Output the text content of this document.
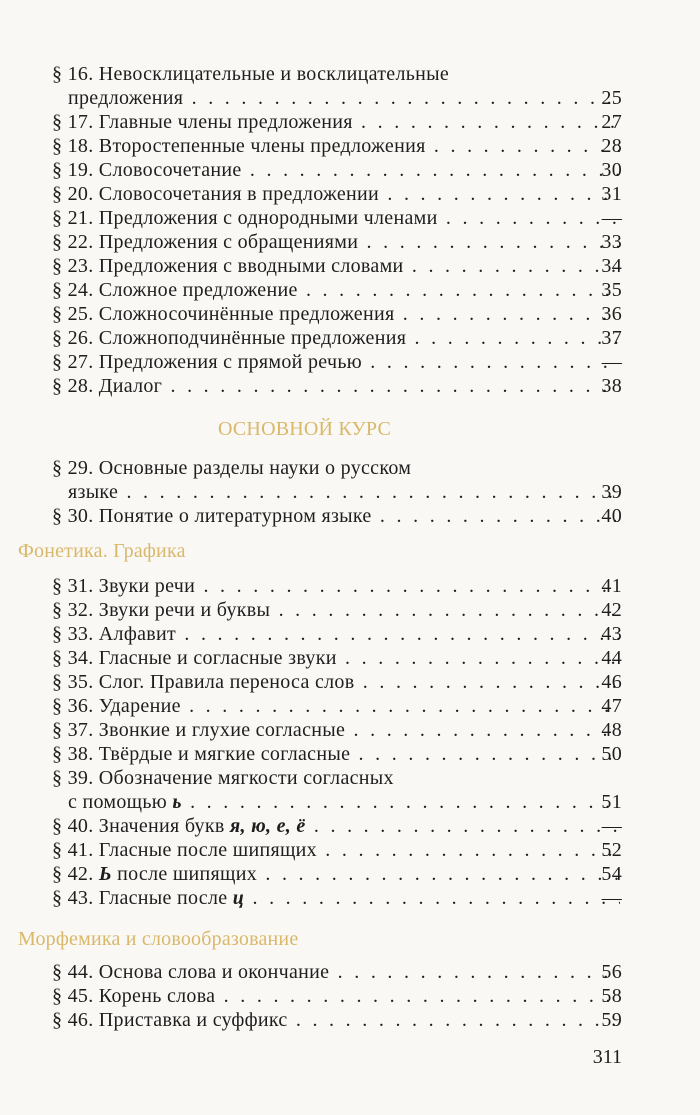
§ 16. Невосклицательные и восклицательные
предложения . . .	25
§ 17. Главные члены предложения . . .	27
§ 18. Второстепенные члены предложения . . .	28
§ 19. Словосочетание . . .	30
§ 20. Словосочетания в предложении . . .	31
§ 21. Предложения с однородными членами . . .	—
§ 22. Предложения с обращениями . . .	33
§ 23. Предложения с вводными словами . . .	34
§ 24. Сложное предложение . . .	35
§ 25. Сложносочинённые предложения . . .	36
§ 26. Сложноподчинённые предложения . . .	37
§ 27. Предложения с прямой речью . . .	—
§ 28. Диалог . . .	38
§ 29. Основные разделы науки о русском
языке . . .	39
§ 30. Понятие о литературном языке . . .	40
§ 31. Звуки речи . . .	41
§ 32. Звуки речи и буквы . . .	42
§ 33. Алфавит . . .	43
§ 34. Гласные и согласные звуки . . .	44
§ 35. Слог. Правила переноса слов . . .	46
§ 36. Ударение . . .	47
§ 37. Звонкие и глухие согласные . . .	48
§ 38. Твёрдые и мягкие согласные . . .	50
§ 39. Обозначение мягкости согласных
с помощью ь . . .	51
§ 40. Значения букв я, ю, е, ё . . .	—
§ 41. Гласные после шипящих . . .	52
§ 42. Ь после шипящих . . .	54
§ 43. Гласные после ц . . .	—
§ 44. Основа слова и окончание . . .	56
§ 45. Корень слова . . .	58
§ 46. Приставка и суффикс . . .	59
ОСНОВНОЙ КУРС
Фонетика. Графика
Морфемика и словообразование
311
